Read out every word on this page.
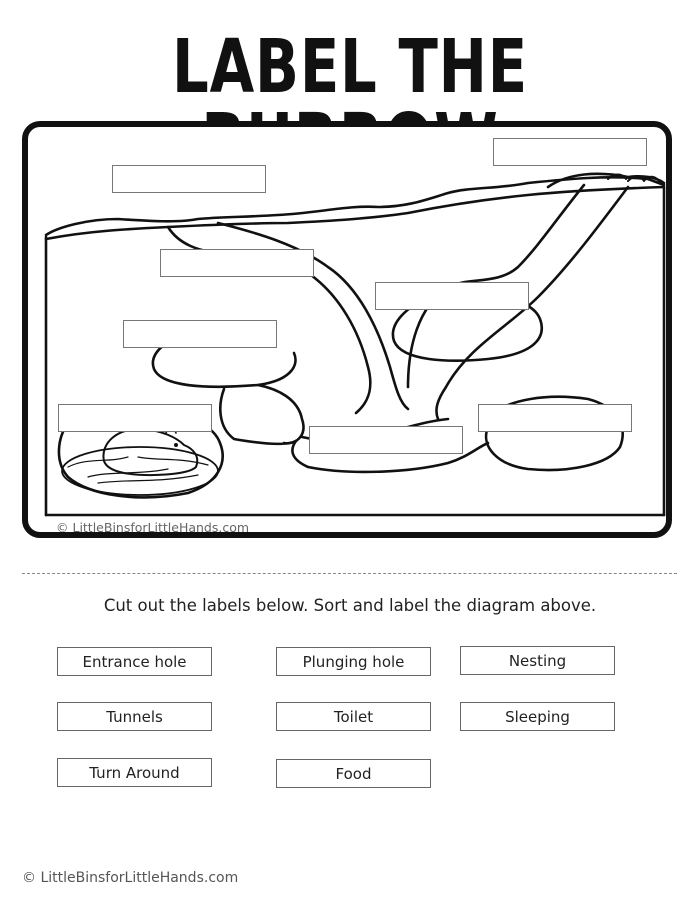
LABEL THE
© LittleBinsforLittleHands.com
Cut out the labels below. Sort and label the diagram above.
Entrance hole	Plunging hole	Nesting
Tunnels	Toilet	Sleeping
Turn Around	Food
© LittleBinsforLittleHands.com
